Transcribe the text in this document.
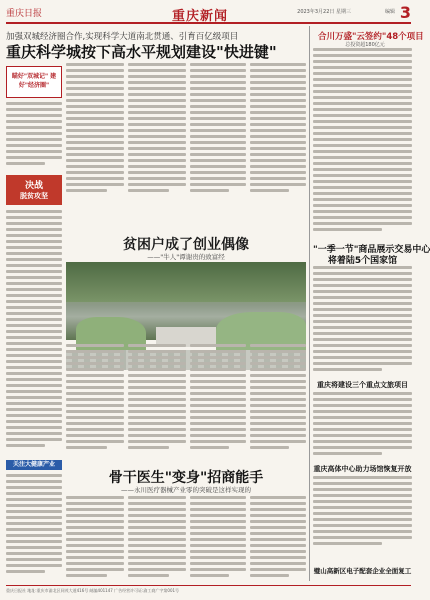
重庆日报	重庆新闻	2023年3月22日 星期三	编辑 3
加强双城经济圈合作,实现科学大道南北贯通、引育百亿级项目
重庆科学城按下高水平规划建设"快进键"
瞄好"双城记" 建好"经济圈"
决战
脱贫攻坚
贫困户成了创业偶像
——"牛人"谭谢贵的致富经
关注大健康产业
骨干医生"变身"招商能手
——永川医疗器械产业零的突破是这样实现的
合川万盛"云签约"48个项目
总投资超180亿元
"一季一节"商品展示交易中心
将着陆5个国家馆
重庆将建设三个重点文旅项目
重庆高体中心助力场馆恢复开放
璧山高新区电子配套企业全面复工
重庆日报社 地址:重庆市渝北区同茂大道416号 邮编401147 广告经营许可证:渝工商广字第001号
